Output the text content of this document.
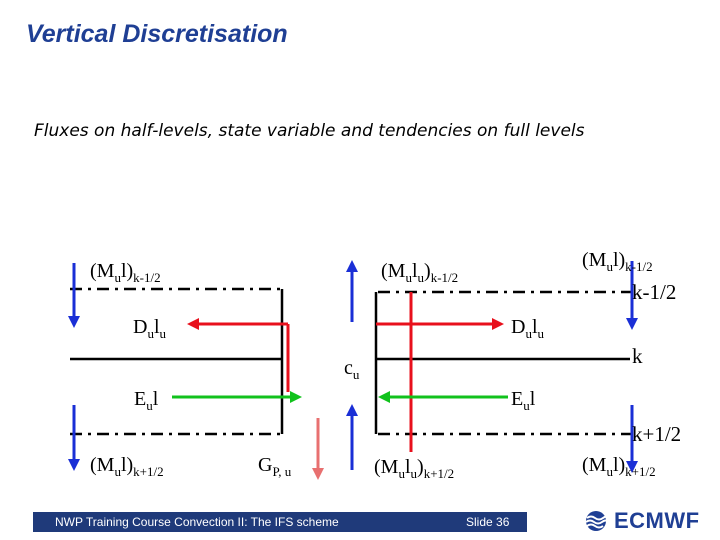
Vertical Discretisation
Fluxes on half-levels, state variable and tendencies on full levels
k-1/2
k
k+1/2
$(M_ul)_{k-1/2}$	$(M_ul_u)_{k-1/2}$
$(M_ul)_{k-1/2}$
$D_ul_u$	$D_ul_u$
$c_u$
$E_ul$	$E_ul$
$(M_ul)_{k+1/2}$	$G_{P, u}$	$(M_ul_u)_{k+1/2}$	$(M_ul)_{k+1/2}$
NWP Training Course Convection II: The IFS scheme	Slide 36	ECMWF
